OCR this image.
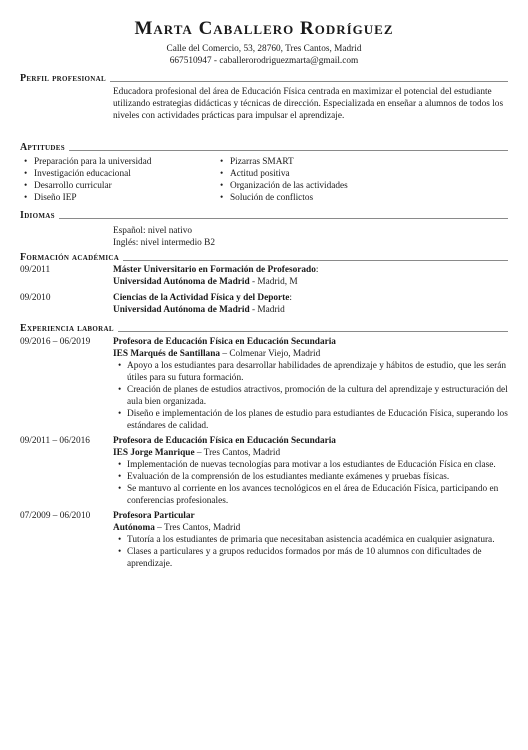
Marta Caballero Rodríguez
Calle del Comercio, 53, 28760, Tres Cantos, Madrid
667510947 - caballerorodriguezmarta@gmail.com
Perfil profesional
Educadora profesional del área de Educación Física centrada en maximizar el potencial del estudiante utilizando estrategias didácticas y técnicas de dirección. Especializada en enseñar a alumnos de todos los niveles con actividades prácticas para impulsar el aprendizaje.
Aptitudes
• Preparación para la universidad
• Investigación educacional
• Desarrollo curricular
• Diseño IEP
• Pizarras SMART
• Actitud positiva
• Organización de las actividades
• Solución de conflictos
Idiomas
Español: nivel nativo
Inglés: nivel intermedio B2
Formación académica
09/2011	Máster Universitario en Formación de Profesorado:
Universidad Autónoma de Madrid - Madrid, M
09/2010	Ciencias de la Actividad Física y del Deporte:
Universidad Autónoma de Madrid - Madrid
Experiencia laboral
09/2016 – 06/2019	Profesora de Educación Física en Educación Secundaria
IES Marqués de Santillana – Colmenar Viejo, Madrid
• Apoyo a los estudiantes para desarrollar habilidades de aprendizaje y hábitos de estudio, que les serán útiles para su futura formación.
• Creación de planes de estudios atractivos, promoción de la cultura del aprendizaje y estructuración del aula bien organizada.
• Diseño e implementación de los planes de estudio para estudiantes de Educación Física, superando los estándares de calidad.
09/2011 – 06/2016	Profesora de Educación Física en Educación Secundaria
IES Jorge Manrique – Tres Cantos, Madrid
• Implementación de nuevas tecnologías para motivar a los estudiantes de Educación Física en clase.
• Evaluación de la comprensión de los estudiantes mediante exámenes y pruebas físicas.
• Se mantuvo al corriente en los avances tecnológicos en el área de Educación Física, participando en conferencias profesionales.
07/2009 – 06/2010	Profesora Particular
Autónoma – Tres Cantos, Madrid
• Tutoría a los estudiantes de primaria que necesitaban asistencia académica en cualquier asignatura.
• Clases a particulares y a grupos reducidos formados por más de 10 alumnos con dificultades de aprendizaje.
